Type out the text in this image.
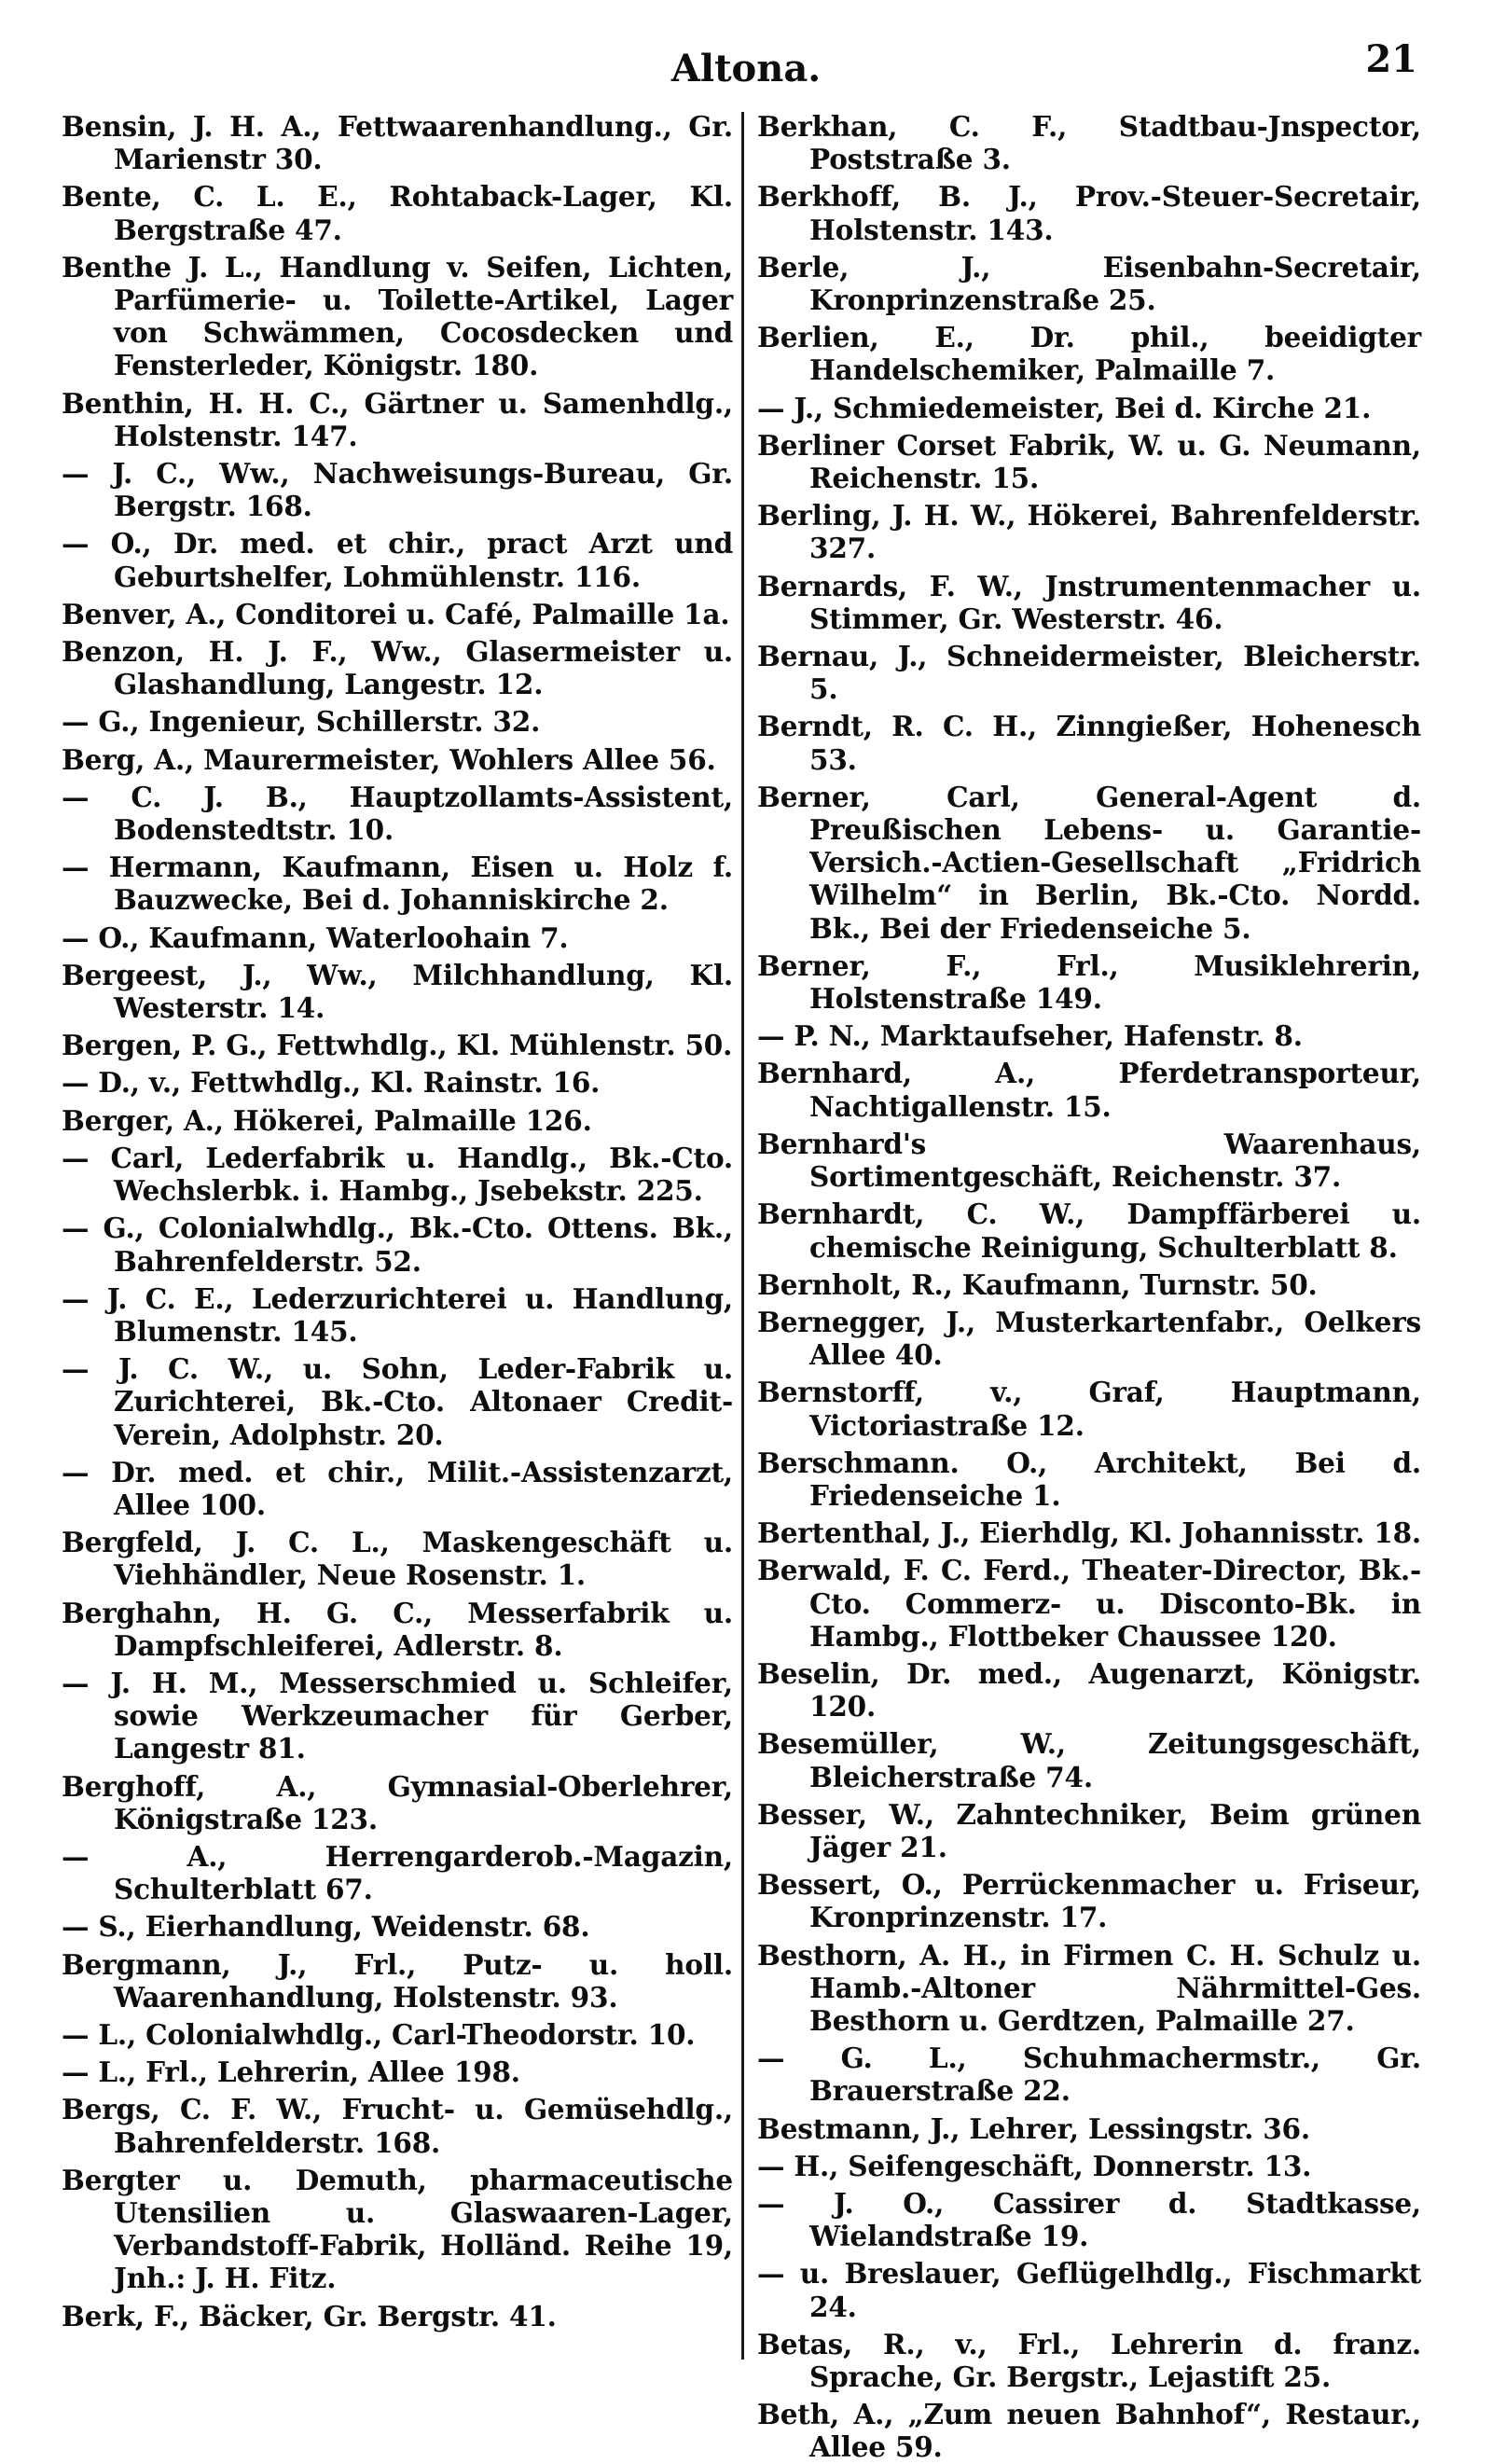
Altona.	21

Bensin, J. H. A., Fettwaarenhandlung., Gr. Marienstr 30.

Bente, C. L. E., Rohtaback-Lager, Kl. Bergstraße 47.

Benthe J. L., Handlung v. Seifen, Lichten, Parfümerie- u. Toilette-Artikel, Lager von Schwämmen, Cocosdecken und Fensterleder, Königstr. 180.

Benthin, H. H. C., Gärtner u. Samenhdlg., Holstenstr. 147.

— J. C., Ww., Nachweisungs-Bureau, Gr. Bergstr. 168.

— O., Dr. med. et chir., pract Arzt und Geburtshelfer, Lohmühlenstr. 116.

Benver, A., Conditorei u. Café, Palmaille 1a.

Benzon, H. J. F., Ww., Glasermeister u. Glashandlung, Langestr. 12.

— G., Ingenieur, Schillerstr. 32.

Berg, A., Maurermeister, Wohlers Allee 56.

— C. J. B., Hauptzollamts-Assistent, Bodenstedtstr. 10.

— Hermann, Kaufmann, Eisen u. Holz f. Bauzwecke, Bei d. Johanniskirche 2.

— O., Kaufmann, Waterloohain 7.

Bergeest, J., Ww., Milchhandlung, Kl. Westerstr. 14.

Bergen, P. G., Fettwhdlg., Kl. Mühlenstr. 50.

— D., v., Fettwhdlg., Kl. Rainstr. 16.

Berger, A., Hökerei, Palmaille 126.

— Carl, Lederfabrik u. Handlg., Bk.-Cto. Wechslerbk. i. Hambg., Jsebekstr. 225.

— G., Colonialwhdlg., Bk.-Cto. Ottens. Bk., Bahrenfelderstr. 52.

— J. C. E., Lederzurichterei u. Handlung, Blumenstr. 145.

— J. C. W., u. Sohn, Leder-Fabrik u. Zurichterei, Bk.-Cto. Altonaer Credit-Verein, Adolphstr. 20.

— Dr. med. et chir., Milit.-Assistenzarzt, Allee 100.

Bergfeld, J. C. L., Maskengeschäft u. Viehhändler, Neue Rosenstr. 1.

Berghahn, H. G. C., Messerfabrik u. Dampfschleiferei, Adlerstr. 8.

— J. H. M., Messerschmied u. Schleifer, sowie Werkzeumacher für Gerber, Langestr 81.

Berghoff, A., Gymnasial-Oberlehrer, Königstraße 123.

— A., Herrengarderob.-Magazin, Schulterblatt 67.

— S., Eierhandlung, Weidenstr. 68.

Bergmann, J., Frl., Putz- u. holl. Waarenhandlung, Holstenstr. 93.

— L., Colonialwhdlg., Carl-Theodorstr. 10.

— L., Frl., Lehrerin, Allee 198.

Bergs, C. F. W., Frucht- u. Gemüsehdlg., Bahrenfelderstr. 168.

Bergter u. Demuth, pharmaceutische Utensilien u. Glaswaaren-Lager, Verbandstoff-Fabrik, Holländ. Reihe 19, Jnh.: J. H. Fitz.

Berk, F., Bäcker, Gr. Bergstr. 41.

Berkhan, C. F., Stadtbau-Jnspector, Poststraße 3.

Berkhoff, B. J., Prov.-Steuer-Secretair, Holstenstr. 143.

Berle, J., Eisenbahn-Secretair, Kronprinzenstraße 25.

Berlien, E., Dr. phil., beeidigter Handelschemiker, Palmaille 7.

— J., Schmiedemeister, Bei d. Kirche 21.

Berliner Corset Fabrik, W. u. G. Neumann, Reichenstr. 15.

Berling, J. H. W., Hökerei, Bahrenfelderstr. 327.

Bernards, F. W., Jnstrumentenmacher u. Stimmer, Gr. Westerstr. 46.

Bernau, J., Schneidermeister, Bleicherstr. 5.

Berndt, R. C. H., Zinngießer, Hohenesch 53.

Berner, Carl, General-Agent d. Preußischen Lebens- u. Garantie-Versich.-Actien-Gesellschaft „Fridrich Wilhelm“ in Berlin, Bk.-Cto. Nordd. Bk., Bei der Friedenseiche 5.

Berner, F., Frl., Musiklehrerin, Holstenstraße 149.

— P. N., Marktaufseher, Hafenstr. 8.

Bernhard, A., Pferdetransporteur, Nachtigallenstr. 15.

Bernhard's Waarenhaus, Sortimentgeschäft, Reichenstr. 37.

Bernhardt, C. W., Dampffärberei u. chemische Reinigung, Schulterblatt 8.

Bernholt, R., Kaufmann, Turnstr. 50.

Bernegger, J., Musterkartenfabr., Oelkers Allee 40.

Bernstorff, v., Graf, Hauptmann, Victoriastraße 12.

Berschmann. O., Architekt, Bei d. Friedenseiche 1.

Bertenthal, J., Eierhdlg, Kl. Johannisstr. 18.

Berwald, F. C. Ferd., Theater-Director, Bk.-Cto. Commerz- u. Disconto-Bk. in Hambg., Flottbeker Chaussee 120.

Beselin, Dr. med., Augenarzt, Königstr. 120.

Besemüller, W., Zeitungsgeschäft, Bleicherstraße 74.

Besser, W., Zahntechniker, Beim grünen Jäger 21.

Bessert, O., Perrückenmacher u. Friseur, Kronprinzenstr. 17.

Besthorn, A. H., in Firmen C. H. Schulz u. Hamb.-Altoner Nährmittel-Ges. Besthorn u. Gerdtzen, Palmaille 27.

— G. L., Schuhmachermstr., Gr. Brauerstraße 22.

Bestmann, J., Lehrer, Lessingstr. 36.

— H., Seifengeschäft, Donnerstr. 13.

— J. O., Cassirer d. Stadtkasse, Wielandstraße 19.

— u. Breslauer, Geflügelhdlg., Fischmarkt 24.

Betas, R., v., Frl., Lehrerin d. franz. Sprache, Gr. Bergstr., Lejastift 25.

Beth, A., „Zum neuen Bahnhof“, Restaur., Allee 59.
